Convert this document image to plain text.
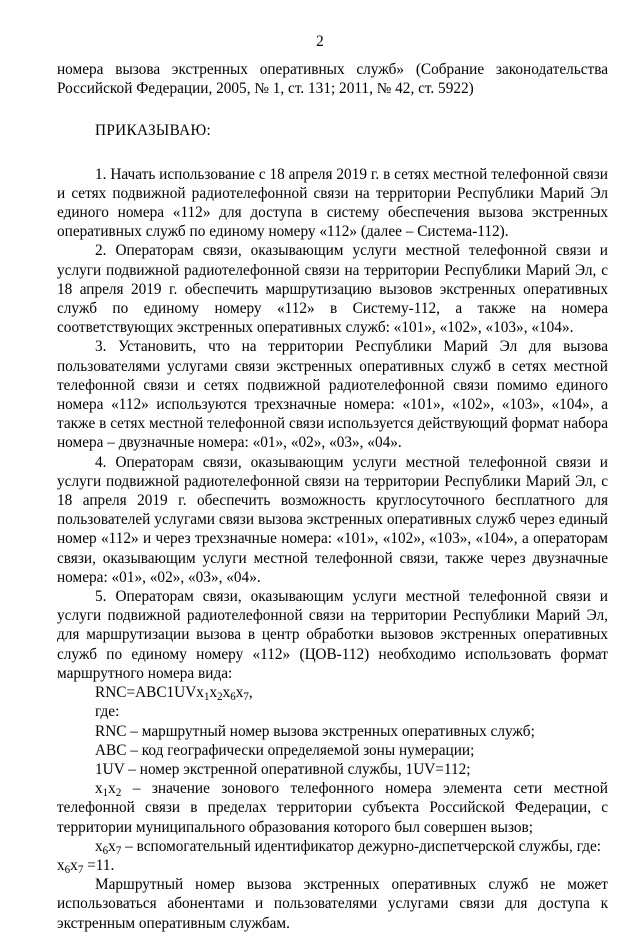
2

номера вызова экстренных оперативных служб» (Собрание законодательства Российской Федерации, 2005, № 1, ст. 131; 2011, № 42, ст. 5922)

ПРИКАЗЫВАЮ:

1. Начать использование с 18 апреля 2019 г. в сетях местной телефонной связи и сетях подвижной радиотелефонной связи на территории Республики Марий Эл единого номера «112» для доступа в систему обеспечения вызова экстренных оперативных служб по единому номеру «112» (далее – Система-112).

2. Операторам связи, оказывающим услуги местной телефонной связи и услуги подвижной радиотелефонной связи на территории Республики Марий Эл, с 18 апреля 2019 г. обеспечить маршрутизацию вызовов экстренных оперативных служб по единому номеру «112» в Систему-112, а также на номера соответствующих экстренных оперативных служб: «101», «102», «103», «104».

3. Установить, что на территории Республики Марий Эл для вызова пользователями услугами связи экстренных оперативных служб в сетях местной телефонной связи и сетях подвижной радиотелефонной связи помимо единого номера «112» используются трехзначные номера: «101», «102», «103», «104», а также в сетях местной телефонной связи используется действующий формат набора номера – двузначные номера: «01», «02», «03», «04».

4. Операторам связи, оказывающим услуги местной телефонной связи и услуги подвижной радиотелефонной связи на территории Республики Марий Эл, с 18 апреля 2019 г. обеспечить возможность круглосуточного бесплатного для пользователей услугами связи вызова экстренных оперативных служб через единый номер «112» и через трехзначные номера: «101», «102», «103», «104», а операторам связи, оказывающим услуги местной телефонной связи, также через двузначные номера: «01», «02», «03», «04».

5. Операторам связи, оказывающим услуги местной телефонной связи и услуги подвижной радиотелефонной связи на территории Республики Марий Эл, для маршрутизации вызова в центр обработки вызовов экстренных оперативных служб по единому номеру «112» (ЦОВ-112) необходимо использовать формат маршрутного номера вида:

$RNC=ABC1UVx_1x_2x_6x_7$,

где:

RNC – маршрутный номер вызова экстренных оперативных служб;

ABC – код географически определяемой зоны нумерации;

1UV – номер экстренной оперативной службы, 1UV=112;

$x_1x_2$ – значение зонового телефонного номера элемента сети местной телефонной связи в пределах территории субъекта Российской Федерации, с территории муниципального образования которого был совершен вызов;

$x_6x_7$ – вспомогательный идентификатор дежурно-диспетчерской службы, где:

$x_6x_7 =11$.

Маршрутный номер вызова экстренных оперативных служб не может использоваться абонентами и пользователями услугами связи для доступа к экстренным оперативным службам.
